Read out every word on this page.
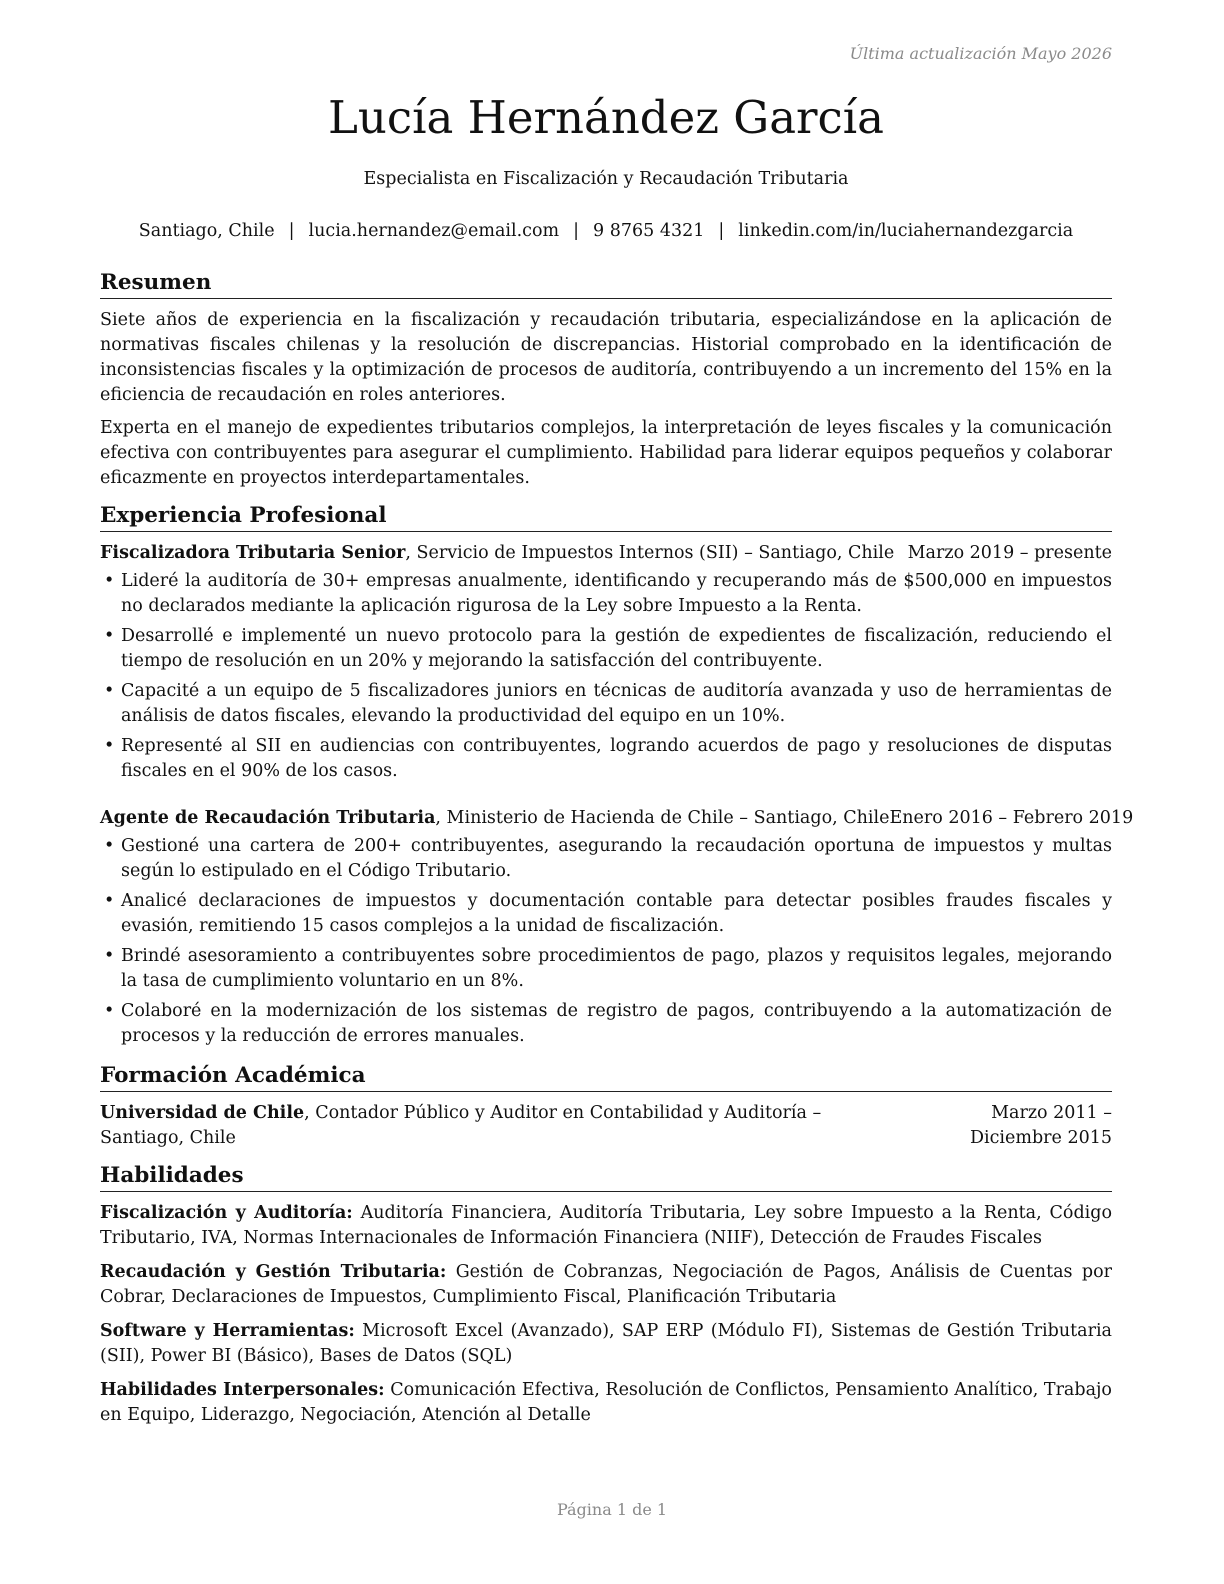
Última actualización Mayo 2026
Lucía Hernández García
Especialista en Fiscalización y Recaudación Tributaria
Santiago, Chile | lucia.hernandez@email.com | 9 8765 4321 | linkedin.com/in/luciahernandezgarcia
Resumen

Siete años de experiencia en la fiscalización y recaudación tributaria, especializándose en la aplicación de normativas fiscales chilenas y la resolución de discrepancias. Historial comprobado en la identificación de inconsistencias fiscales y la optimización de procesos de auditoría, contribuyendo a un incremento del 15% en la eficiencia de recaudación en roles anteriores.

Experta en el manejo de expedientes tributarios complejos, la interpretación de leyes fiscales y la comunicación efectiva con contribuyentes para asegurar el cumplimiento. Habilidad para liderar equipos pequeños y colaborar eficazmente en proyectos interdepartamentales.

Experiencia Profesional
Fiscalizadora Tributaria Senior, Servicio de Impuestos Internos (SII) – Santiago, Chile Marzo 2019 – presente
• Lideré la auditoría de 30+ empresas anualmente, identificando y recuperando más de $500,000 en impuestos no declarados mediante la aplicación rigurosa de la Ley sobre Impuesto a la Renta.
• Desarrollé e implementé un nuevo protocolo para la gestión de expedientes de fiscalización, reduciendo el tiempo de resolución en un 20% y mejorando la satisfacción del contribuyente.
• Capacité a un equipo de 5 fiscalizadores juniors en técnicas de auditoría avanzada y uso de herramientas de análisis de datos fiscales, elevando la productividad del equipo en un 10%.
• Representé al SII en audiencias con contribuyentes, logrando acuerdos de pago y resoluciones de disputas fiscales en el 90% de los casos.
Agente de Recaudación Tributaria, Ministerio de Hacienda de Chile – Santiago, Chile Enero 2016 – Febrero 2019
• Gestioné una cartera de 200+ contribuyentes, asegurando la recaudación oportuna de impuestos y multas según lo estipulado en el Código Tributario.
• Analicé declaraciones de impuestos y documentación contable para detectar posibles fraudes fiscales y evasión, remitiendo 15 casos complejos a la unidad de fiscalización.
• Brindé asesoramiento a contribuyentes sobre procedimientos de pago, plazos y requisitos legales, mejorando la tasa de cumplimiento voluntario en un 8%.
• Colaboré en la modernización de los sistemas de registro de pagos, contribuyendo a la automatización de procesos y la reducción de errores manuales.
Formación Académica
Universidad de Chile, Contador Público y Auditor en Contabilidad y Auditoría – Santiago, Chile
Marzo 2011 – Diciembre 2015
Habilidades

Fiscalización y Auditoría: Auditoría Financiera, Auditoría Tributaria, Ley sobre Impuesto a la Renta, Código Tributario, IVA, Normas Internacionales de Información Financiera (NIIF), Detección de Fraudes Fiscales

Recaudación y Gestión Tributaria: Gestión de Cobranzas, Negociación de Pagos, Análisis de Cuentas por Cobrar, Declaraciones de Impuestos, Cumplimiento Fiscal, Planificación Tributaria

Software y Herramientas: Microsoft Excel (Avanzado), SAP ERP (Módulo FI), Sistemas de Gestión Tributaria (SII), Power BI (Básico), Bases de Datos (SQL)

Habilidades Interpersonales: Comunicación Efectiva, Resolución de Conflictos, Pensamiento Analítico, Trabajo en Equipo, Liderazgo, Negociación, Atención al Detalle

Página 1 de 1
